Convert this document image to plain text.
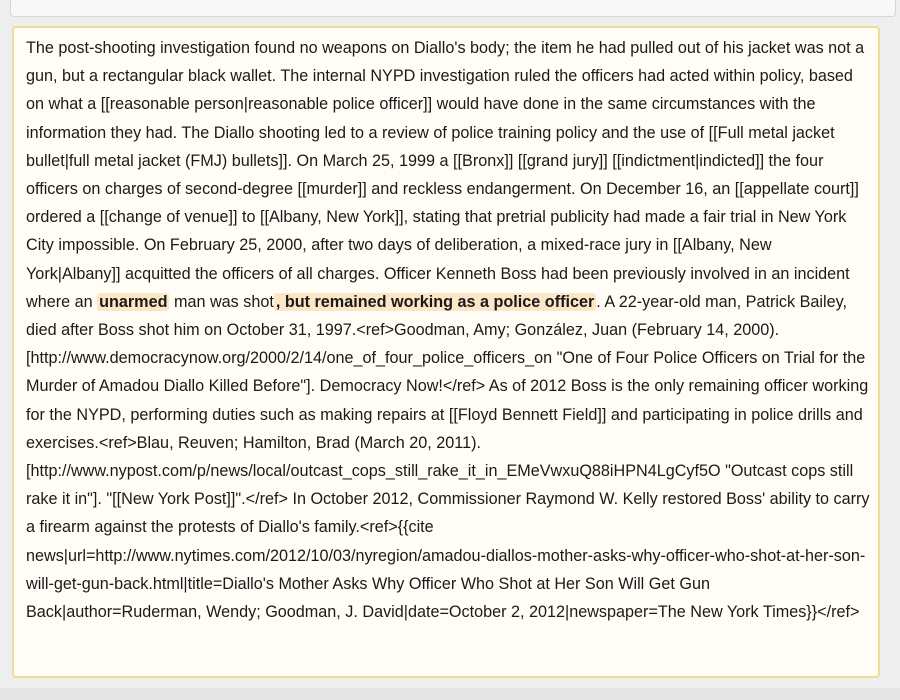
The post-shooting investigation found no weapons on Diallo's body; the item he had pulled out of his jacket was not a gun, but a rectangular black wallet. The internal NYPD investigation ruled the officers had acted within policy, based on what a [[reasonable person|reasonable police officer]] would have done in the same circumstances with the information they had. The Diallo shooting led to a review of police training policy and the use of [[Full metal jacket bullet|full metal jacket (FMJ) bullets]]. On March 25, 1999 a [[Bronx]] [[grand jury]] [[indictment|indicted]] the four officers on charges of second-degree [[murder]] and reckless endangerment. On December 16, an [[appellate court]] ordered a [[change of venue]] to [[Albany, New York]], stating that pretrial publicity had made a fair trial in New York City impossible. On February 25, 2000, after two days of deliberation, a mixed-race jury in [[Albany, New York|Albany]] acquitted the officers of all charges. Officer Kenneth Boss had been previously involved in an incident where an unarmed man was shot , but remained working as a police officer . A 22-year-old man, Patrick Bailey, died after Boss shot him on October 31, 1997.<ref>Goodman, Amy; González, Juan (February 14, 2000). [http://www.democracynow.org/2000/2/14/one_of_four_police_officers_on "One of Four Police Officers on Trial for the Murder of Amadou Diallo Killed Before"]. Democracy Now!</ref> As of 2012 Boss is the only remaining officer working for the NYPD, performing duties such as making repairs at [[Floyd Bennett Field]] and participating in police drills and exercises.<ref>Blau, Reuven; Hamilton, Brad (March 20, 2011). [http://www.nypost.com/p/news/local/outcast_cops_still_rake_it_in_EMeVwxuQ88iHPN4LgCyf5O "Outcast cops still rake it in"]. "[[New York Post]]".</ref> In October 2012, Commissioner Raymond W. Kelly restored Boss' ability to carry a firearm against the protests of Diallo's family.<ref>{{cite news|url=http://www.nytimes.com/2012/10/03/nyregion/amadou-diallos-mother-asks-why-officer-who-shot-at-her-son-will-get-gun-back.html|title=Diallo's Mother Asks Why Officer Who Shot at Her Son Will Get Gun Back|author=Ruderman, Wendy; Goodman, J. David|date=October 2, 2012|newspaper=The New York Times}}</ref>
